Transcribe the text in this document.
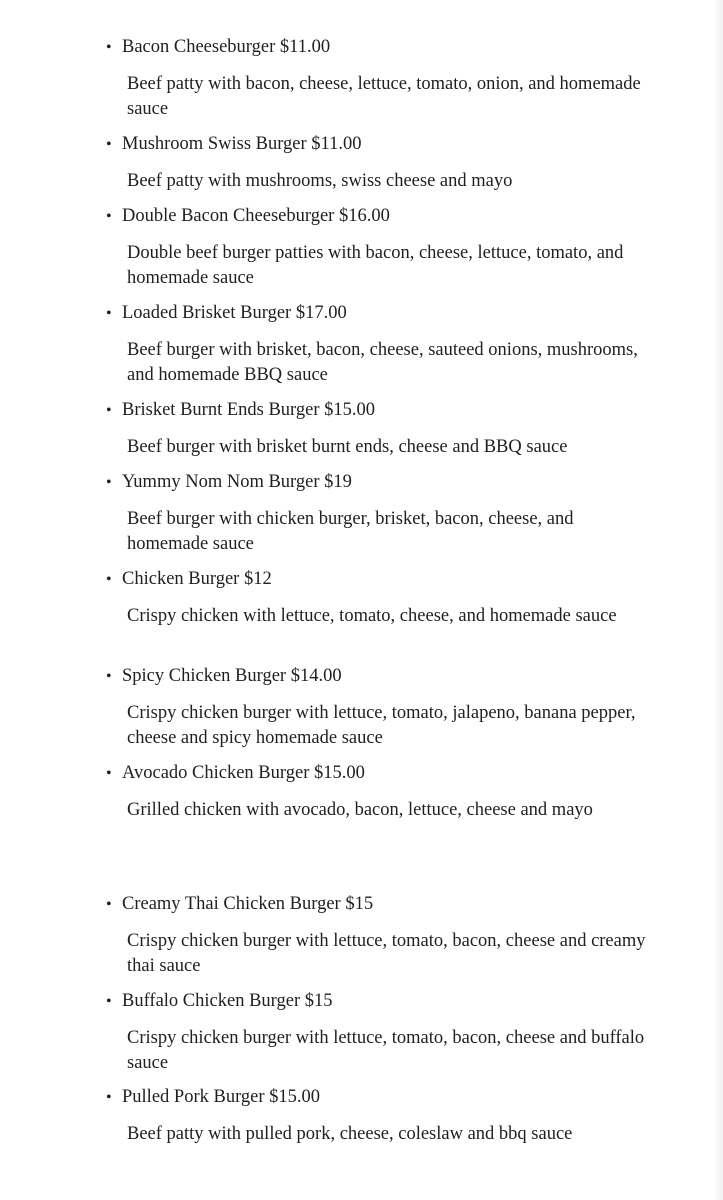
• Bacon Cheeseburger $11.00
Beef patty with bacon, cheese, lettuce, tomato, onion, and homemade sauce
• Mushroom Swiss Burger $11.00
Beef patty with mushrooms, swiss cheese and mayo
• Double Bacon Cheeseburger $16.00
Double beef burger patties with bacon, cheese, lettuce, tomato, and homemade sauce
• Loaded Brisket Burger $17.00
Beef burger with brisket, bacon, cheese, sauteed onions, mushrooms, and homemade BBQ sauce
• Brisket Burnt Ends Burger $15.00
Beef burger with brisket burnt ends, cheese and BBQ sauce
• Yummy Nom Nom Burger $19
Beef burger with chicken burger, brisket, bacon, cheese, and homemade sauce
• Chicken Burger $12
Crispy chicken with lettuce, tomato, cheese, and homemade sauce
• Spicy Chicken Burger $14.00
Crispy chicken burger with lettuce, tomato, jalapeno, banana pepper, cheese and spicy homemade sauce
• Avocado Chicken Burger $15.00
Grilled chicken with avocado, bacon, lettuce, cheese and mayo
• Creamy Thai Chicken Burger $15
Crispy chicken burger with lettuce, tomato, bacon, cheese and creamy thai sauce
• Buffalo Chicken Burger $15
Crispy chicken burger with lettuce, tomato, bacon, cheese and buffalo sauce
• Pulled Pork Burger $15.00
Beef patty with pulled pork, cheese, coleslaw and bbq sauce
